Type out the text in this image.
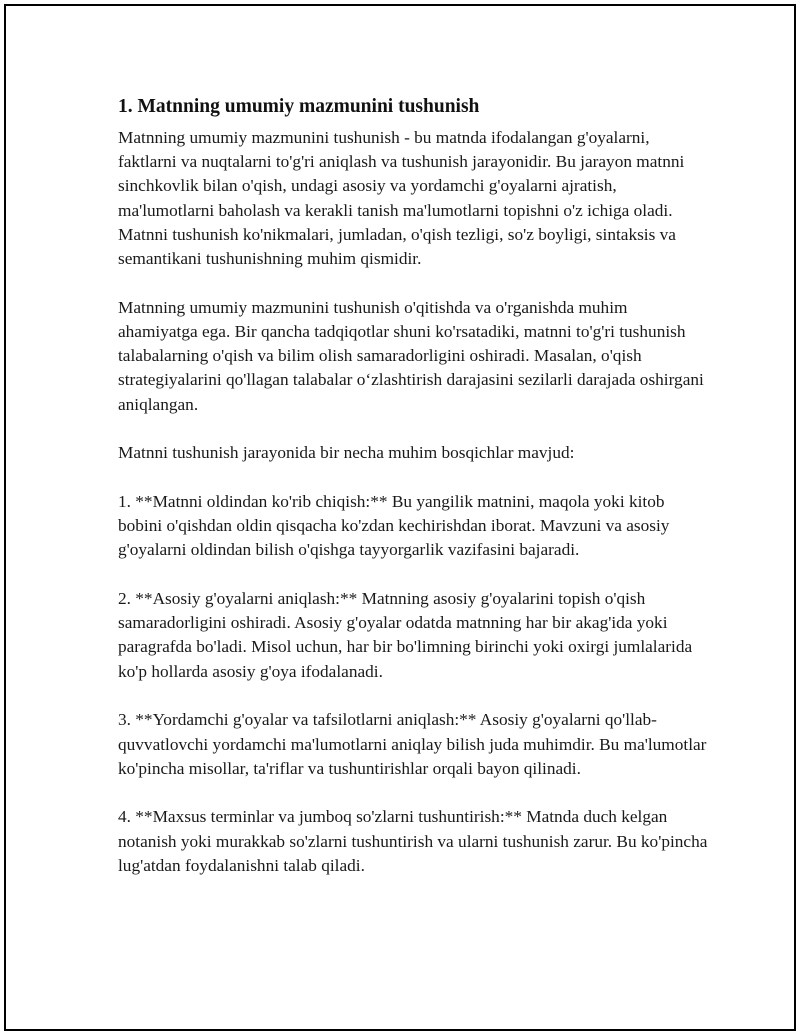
1. Matnning umumiy mazmunini tushunish

Matnning umumiy mazmunini tushunish - bu matnda ifodalangan g'oyalarni, faktlarni va nuqtalarni to'g'ri aniqlash va tushunish jarayonidir. Bu jarayon matnni sinchkovlik bilan o'qish, undagi asosiy va yordamchi g'oyalarni ajratish, ma'lumotlarni baholash va kerakli tanish ma'lumotlarni topishni o'z ichiga oladi. Matnni tushunish ko'nikmalari, jumladan, o'qish tezligi, so'z boyligi, sintaksis va semantikani tushunishning muhim qismidir.

Matnning umumiy mazmunini tushunish o'qitishda va o'rganishda muhim ahamiyatga ega. Bir qancha tadqiqotlar shuni ko'rsatadiki, matnni to'g'ri tushunish talabalarning o'qish va bilim olish samaradorligini oshiradi. Masalan, o'qish strategiyalarini qo'llagan talabalar o‘zlashtirish darajasini sezilarli darajada oshirgani aniqlangan.

Matnni tushunish jarayonida bir necha muhim bosqichlar mavjud:

1. **Matnni oldindan ko'rib chiqish:** Bu yangilik matnini, maqola yoki kitob bobini o'qishdan oldin qisqacha ko'zdan kechirishdan iborat. Mavzuni va asosiy g'oyalarni oldindan bilish o'qishga tayyorgarlik vazifasini bajaradi.

2. **Asosiy g'oyalarni aniqlash:** Matnning asosiy g'oyalarini topish o'qish samaradorligini oshiradi. Asosiy g'oyalar odatda matnning har bir akag'ida yoki paragrafda bo'ladi. Misol uchun, har bir bo'limning birinchi yoki oxirgi jumlalarida ko'p hollarda asosiy g'oya ifodalanadi.

3. **Yordamchi g'oyalar va tafsilotlarni aniqlash:** Asosiy g'oyalarni qo'llab-quvvatlovchi yordamchi ma'lumotlarni aniqlay bilish juda muhimdir. Bu ma'lumotlar ko'pincha misollar, ta'riflar va tushuntirishlar orqali bayon qilinadi.

4. **Maxsus terminlar va jumboq so'zlarni tushuntirish:** Matnda duch kelgan notanish yoki murakkab so'zlarni tushuntirish va ularni tushunish zarur. Bu ko'pincha lug'atdan foydalanishni talab qiladi.
